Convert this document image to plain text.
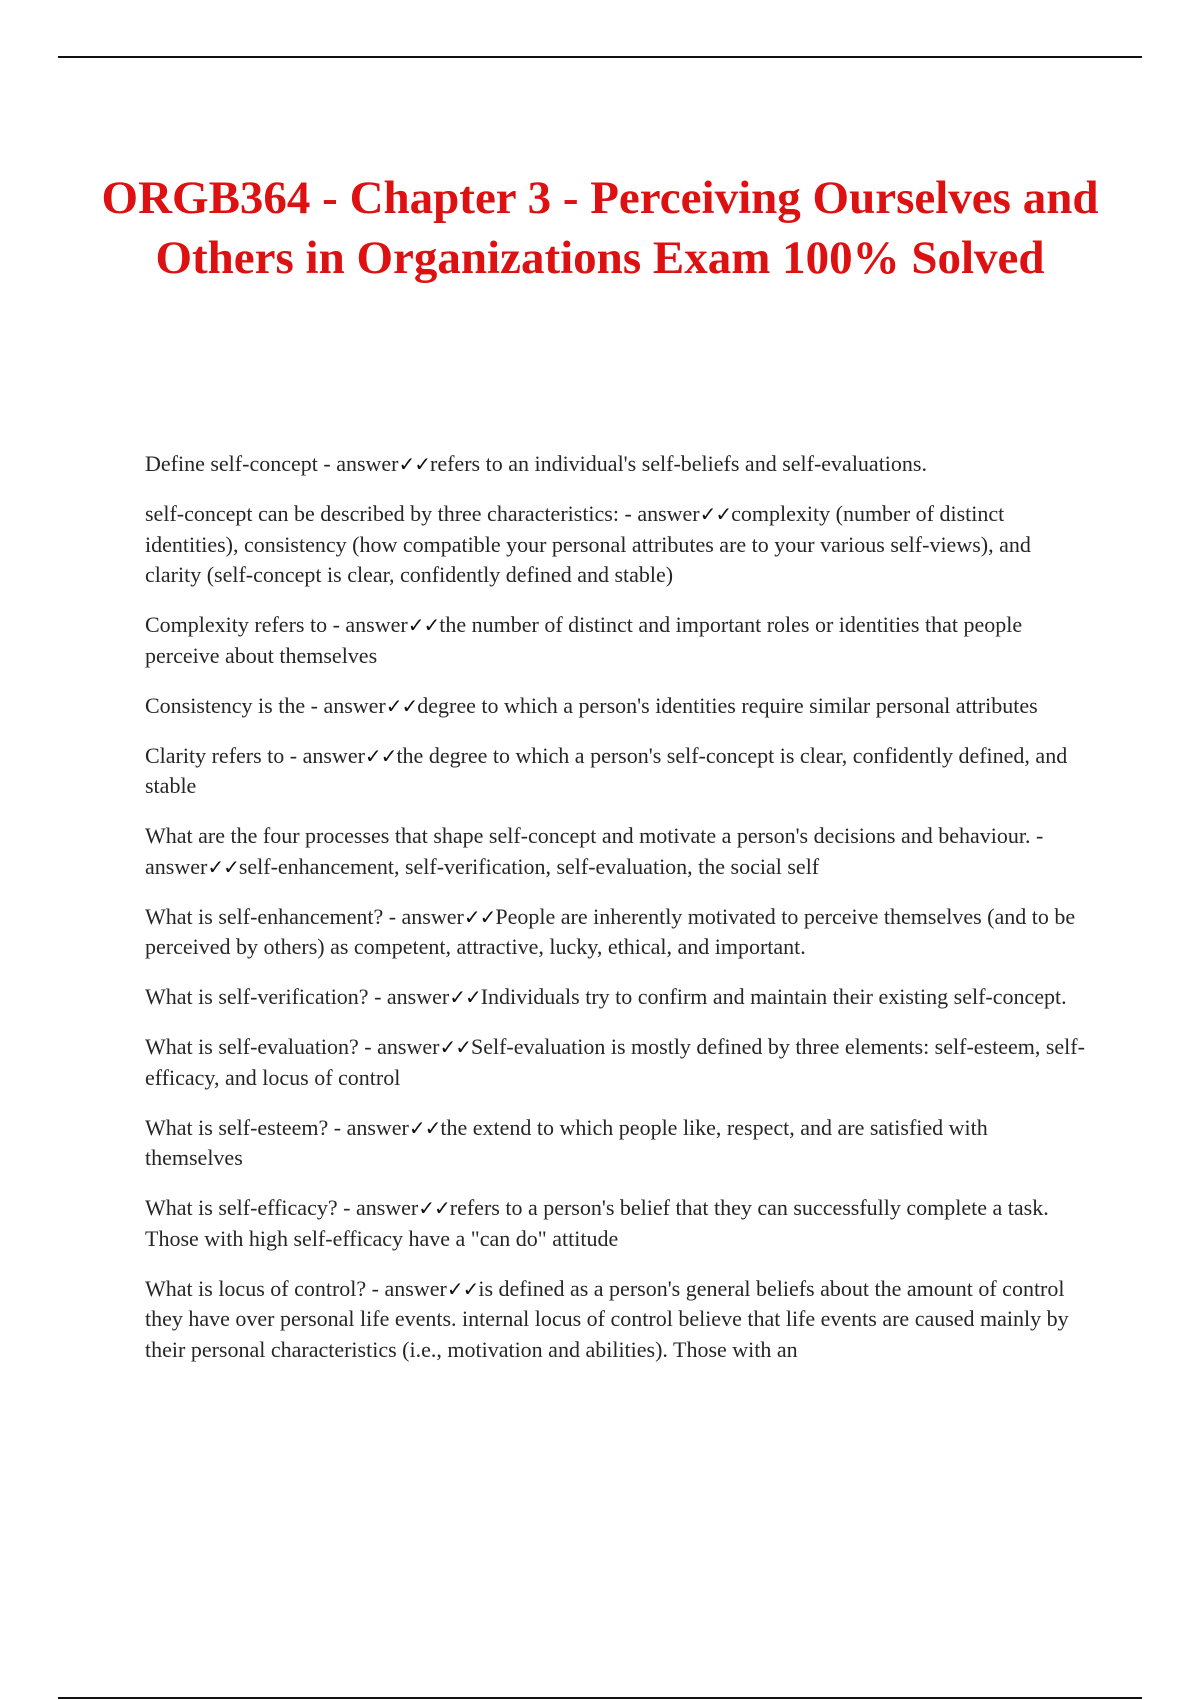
ORGB364 - Chapter 3 - Perceiving Ourselves and Others in Organizations Exam 100% Solved
Define self-concept - answer✓✓refers to an individual's self-beliefs and self-evaluations.
self-concept can be described by three characteristics: - answer✓✓complexity (number of distinct identities), consistency (how compatible your personal attributes are to your various self-views), and clarity (self-concept is clear, confidently defined and stable)
Complexity refers to - answer✓✓the number of distinct and important roles or identities that people perceive about themselves
Consistency is the - answer✓✓degree to which a person's identities require similar personal attributes
Clarity refers to - answer✓✓the degree to which a person's self-concept is clear, confidently defined, and stable
What are the four processes that shape self-concept and motivate a person's decisions and behaviour. - answer✓✓self-enhancement, self-verification, self-evaluation, the social self
What is self-enhancement? - answer✓✓People are inherently motivated to perceive themselves (and to be perceived by others) as competent, attractive, lucky, ethical, and important.
What is self-verification? - answer✓✓Individuals try to confirm and maintain their existing self-concept.
What is self-evaluation? - answer✓✓Self-evaluation is mostly defined by three elements: self-esteem, self-efficacy, and locus of control
What is self-esteem? - answer✓✓the extend to which people like, respect, and are satisfied with themselves
What is self-efficacy? - answer✓✓refers to a person's belief that they can successfully complete a task. Those with high self-efficacy have a "can do" attitude
What is locus of control? - answer✓✓is defined as a person's general beliefs about the amount of control they have over personal life events. internal locus of control believe that life events are caused mainly by their personal characteristics (i.e., motivation and abilities). Those with an
